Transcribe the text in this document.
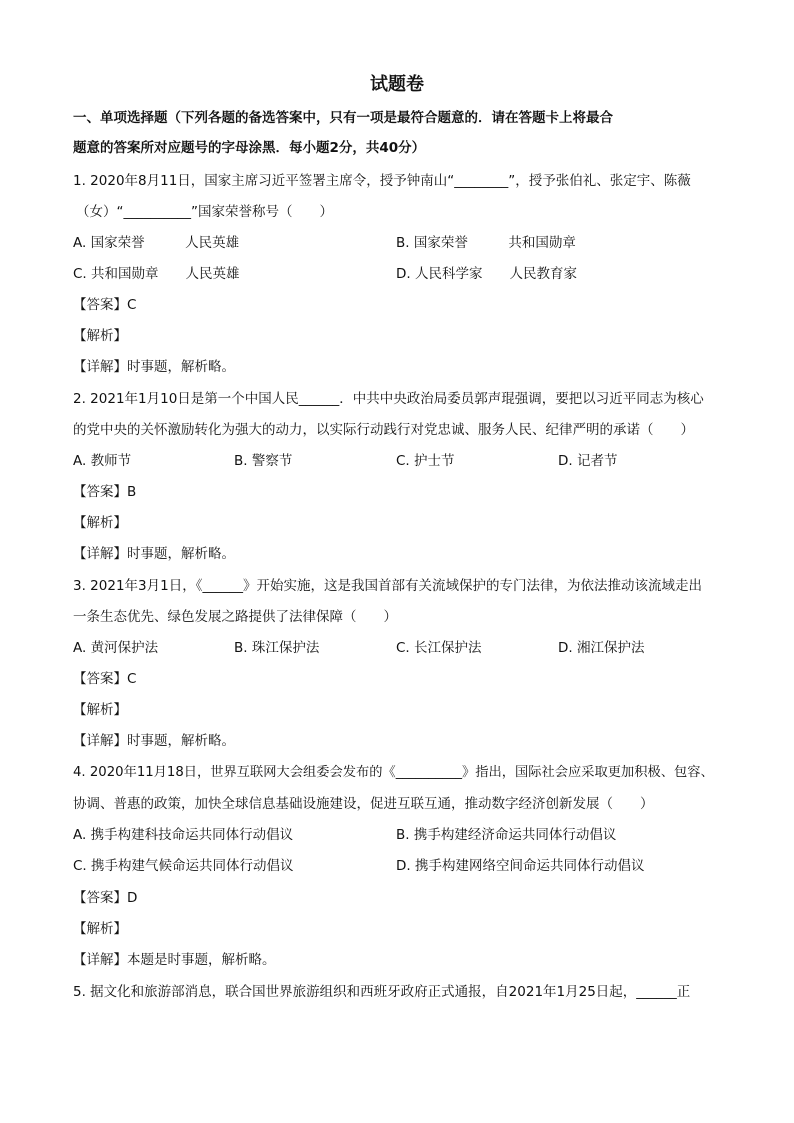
试题卷
一、单项选择题（下列各题的备选答案中，只有一项是最符合题意的．请在答题卡上将最合
题意的答案所对应题号的字母涂黑．每小题2分，共40分）
1. 2020年8月11日，国家主席习近平签署主席令，授予钟南山“________”，授予张伯礼、张定宇、陈薇
（女）“__________”国家荣誉称号（　　）
A. 国家荣誉　　　人民英雄	B. 国家荣誉　　　共和国勋章
C. 共和国勋章　　人民英雄	D. 人民科学家　　人民教育家
【答案】C
【解析】
【详解】时事题，解析略。
2. 2021年1月10日是第一个中国人民______．中共中央政治局委员郭声琨强调，要把以习近平同志为核心
的党中央的关怀激励转化为强大的动力，以实际行动践行对党忠诚、服务人民、纪律严明的承诺（　　）
A. 教师节	B. 警察节	C. 护士节	D. 记者节
【答案】B
【解析】
【详解】时事题，解析略。
3. 2021年3月1日，《______》开始实施，这是我国首部有关流域保护的专门法律，为依法推动该流域走出
一条生态优先、绿色发展之路提供了法律保障（　　）
A. 黄河保护法	B. 珠江保护法	C. 长江保护法	D. 湘江保护法
【答案】C
【解析】
【详解】时事题，解析略。
4. 2020年11月18日，世界互联网大会组委会发布的《__________》指出，国际社会应采取更加积极、包容、
协调、普惠的政策，加快全球信息基础设施建设，促进互联互通，推动数字经济创新发展（　　）
A. 携手构建科技命运共同体行动倡议	B. 携手构建经济命运共同体行动倡议
C. 携手构建气候命运共同体行动倡议	D. 携手构建网络空间命运共同体行动倡议
【答案】D
【解析】
【详解】本题是时事题，解析略。
5. 据文化和旅游部消息，联合国世界旅游组织和西班牙政府正式通报，自2021年1月25日起，______正
